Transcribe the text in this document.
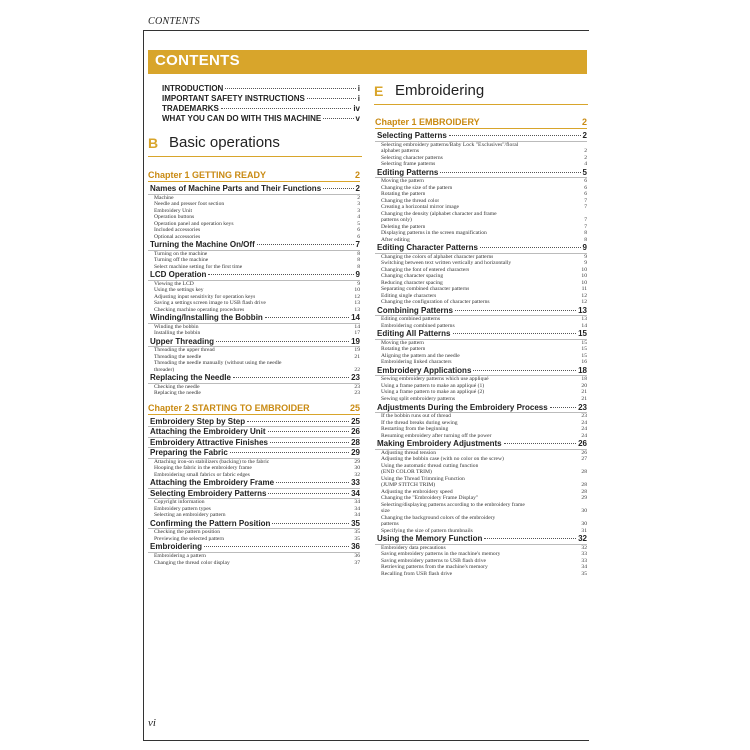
CONTENTS
CONTENTS
INTRODUCTION	i
IMPORTANT SAFETY INSTRUCTIONS	i
TRADEMARKS	iv
WHAT YOU CAN DO WITH THIS MACHINE	v
B Basic operations
E Embroidering
Chapter 1 GETTING READY	2
Names of Machine Parts and Their Functions	2
Machine	2
Needle and presser foot section	3
Embroidery Unit	3
Operation buttons	4
Operation panel and operation keys	5
Included accessories	6
Optional accessories	6
Turning the Machine On/Off	7
Turning on the machine	8
Turning off the machine	8
Select machine setting for the first time	8
LCD Operation	9
Viewing the LCD	9
Using the settings key	10
Adjusting input sensitivity for operation keys	12
Saving a settings screen image to USB flash drive	13
Checking machine operating procedures	13
Winding/Installing the Bobbin	14
Winding the bobbin	14
Installing the bobbin	17
Upper Threading	19
Threading the upper thread	19
Threading the needle	21
Threading the needle manually (without using the needle
threader)	22
Replacing the Needle	23
Checking the needle	23
Replacing the needle	23
Chapter 2 STARTING TO EMBROIDER	25
Embroidery Step by Step	25
Attaching the Embroidery Unit	26
Embroidery Attractive Finishes	28
Preparing the Fabric	29
Attaching iron-on stabilizers (backing) to the fabric	29
Hooping the fabric in the embroidery frame	30
Embroidering small fabrics or fabric edges	32
Attaching the Embroidery Frame	33
Selecting Embroidery Patterns	34
Copyright information	34
Embroidery pattern types	34
Selecting an embroidery pattern	34
Confirming the Pattern Position	35
Checking the pattern position	35
Previewing the selected pattern	35
Embroidering	36
Embroidering a pattern	36
Changing the thread color display	37
Chapter 1 EMBROIDERY	2
Selecting Patterns	2
Selecting embroidery patterns/Baby Lock "Exclusives"/floral
alphabet patterns	2
Selecting character patterns	2
Selecting frame patterns	4
Editing Patterns	5
Moving the pattern	6
Changing the size of the pattern	6
Rotating the pattern	6
Changing the thread color	7
Creating a horizontal mirror image	7
Changing the density (alphabet character and frame
patterns only)	7
Deleting the pattern	7
Displaying patterns in the screen magnification	8
After editing	8
Editing Character Patterns	9
Changing the colors of alphabet character patterns	9
Switching between text written vertically and horizontally	9
Changing the font of entered characters	10
Changing character spacing	10
Reducing character spacing	10
Separating combined character patterns	11
Editing single characters	12
Changing the configuration of character patterns	12
Combining Patterns	13
Editing combined patterns	13
Embroidering combined patterns	14
Editing All Patterns	15
Moving the pattern	15
Rotating the pattern	15
Aligning the pattern and the needle	15
Embroidering linked characters	16
Embroidery Applications	18
Sewing embroidery patterns which use appliqué	18
Using a frame pattern to make an appliqué (1)	20
Using a frame pattern to make an appliqué (2)	21
Sewing split embroidery patterns	21
Adjustments During the Embroidery Process	23
If the bobbin runs out of thread	23
If the thread breaks during sewing	24
Restarting from the beginning	24
Resuming embroidery after turning off the power	24
Making Embroidery Adjustments	26
Adjusting thread tension	26
Adjusting the bobbin case (with no color on the screw)	27
Using the automatic thread cutting function
(END COLOR TRIM)	28
Using the Thread Trimming Function
(JUMP STITCH TRIM)	28
Adjusting the embroidery speed	28
Changing the "Embroidery Frame Display"	29
Selecting/displaying patterns according to the embroidery frame
size	30
Changing the background colors of the embroidery
patterns	30
Specifying the size of pattern thumbnails	31
Using the Memory Function	32
Embroidery data precautions	32
Saving embroidery patterns in the machine's memory	33
Saving embroidery patterns to USB flash drive	33
Retrieving patterns from the machine's memory	34
Recalling from USB flash drive	35
vi
